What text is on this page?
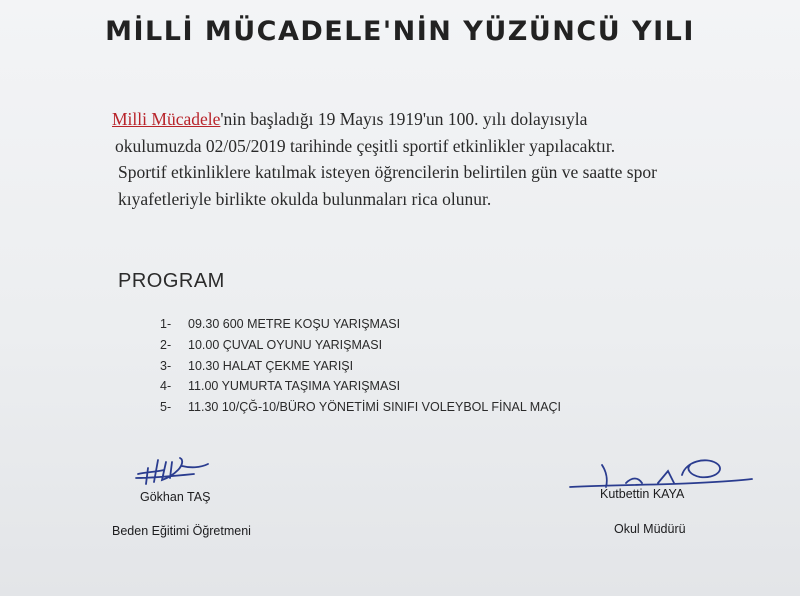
MİLLİ MÜCADELE'NİN YÜZÜNCÜ YILI
Milli Mücadele'nin başladığı 19 Mayıs 1919'un 100. yılı dolayısıyla
okulumuzda 02/05/2019 tarihinde çeşitli sportif etkinlikler yapılacaktır.
Sportif etkinliklere katılmak isteyen öğrencilerin belirtilen gün ve saatte spor
kıyafetleriyle birlikte okulda bulunmaları rica olunur.
PROGRAM
1- 09.30 600 METRE KOŞU YARIŞMASI
2- 10.00 ÇUVAL OYUNU YARIŞMASI
3- 10.30 HALAT ÇEKME YARIŞI
4- 11.00 YUMURTA TAŞIMA YARIŞMASI
5- 11.30 10/ÇĞ-10/BÜRO YÖNETİMİ SINIFI VOLEYBOL FİNAL MAÇI
Gökhan TAŞ
Beden Eğitimi Öğretmeni
Kutbettin KAYA
Okul Müdürü
